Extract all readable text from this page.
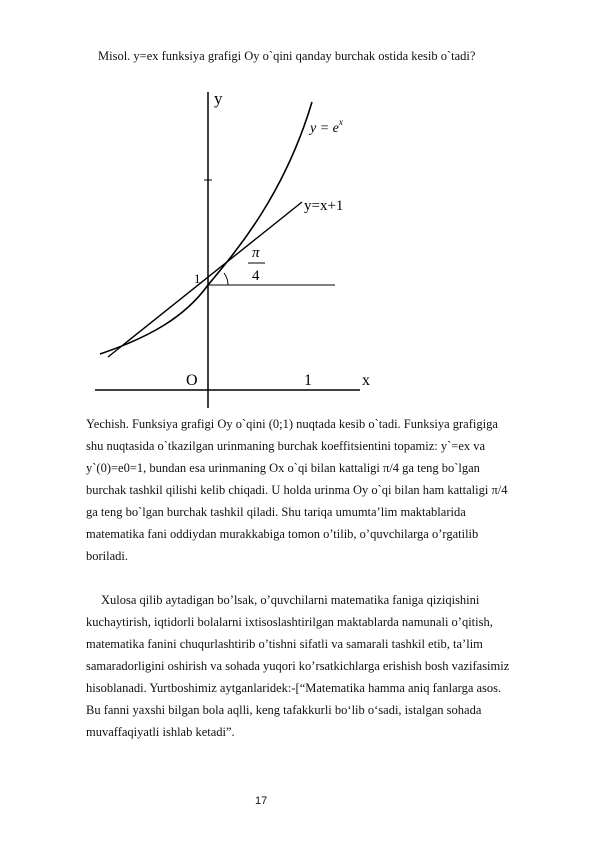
Misol. y=ex funksiya grafigi Oy o`qini qanday burchak ostida kesib o`tadi?
y
x
O	1
1
$y = e^x$
y=x+1
π
4
Yechish. Funksiya grafigi Oy o`qini (0;1) nuqtada kesib o`tadi. Funksiya grafigiga
shu nuqtasida o`tkazilgan urinmaning burchak koeffitsientini topamiz: y`=ex va
y`(0)=e0=1, bundan esa urinmaning Ox o`qi bilan kattaligi π/4 ga teng bo`lgan
burchak tashkil qilishi kelib chiqadi. U holda urinma Oy o`qi bilan ham kattaligi π/4
ga teng bo`lgan burchak tashkil qiladi. Shu tariqa umumta’lim maktablarida
matematika fani oddiydan murakkabiga tomon o’tilib, o’quvchilarga o’rgatilib
boriladi.
Xulosa qilib aytadigan bo’lsak, o’quvchilarni matematika faniga qiziqishini
kuchaytirish, iqtidorli bolalarni ixtisoslashtirilgan maktablarda namunali o’qitish,
matematika fanini chuqurlashtirib o’tishni sifatli va samarali tashkil etib, ta’lim
samaradorligini oshirish va sohada yuqori ko’rsatkichlarga erishish bosh vazifasimiz
hisoblanadi. Yurtboshimiz aytganlaridek:-[“Matematika hamma aniq fanlarga asos.
Bu fanni yaxshi bilgan bola aqlli, keng tafakkurli bo‘lib o‘sadi, istalgan sohada
muvaffaqiyatli ishlab ketadi”.
17
